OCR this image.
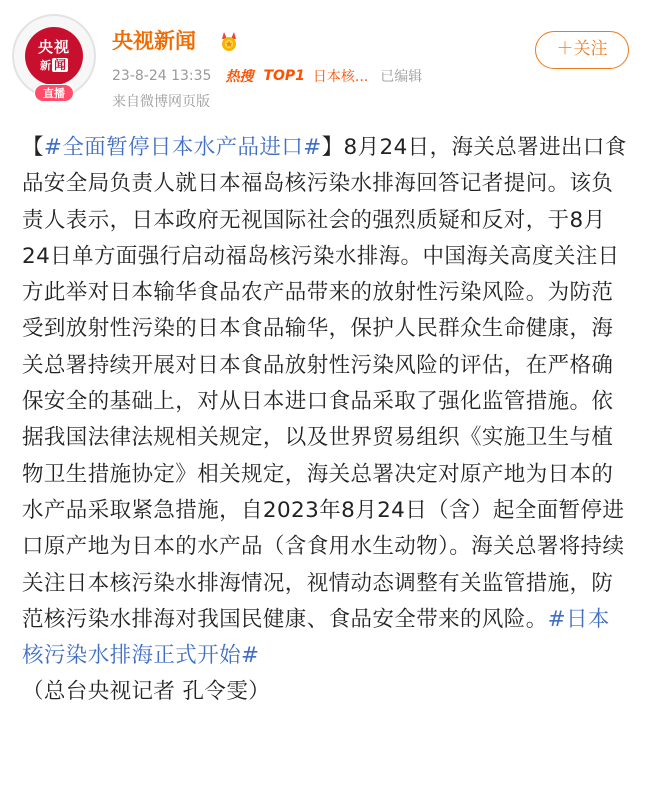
央视
新 闻
直播
央视新闻
23-8-24 13:35 热搜 TOP1 日本核... 已编辑
来自微博网页版
＋关注

【#全面暂停日本水产品进口#】8月24日，海关总署进出口食品安全局负责人就日本福岛核污染水排海回答记者提问。该负责人表示，日本政府无视国际社会的强烈质疑和反对，于8月24日单方面强行启动福岛核污染水排海。中国海关高度关注日方此举对日本输华食品农产品带来的放射性污染风险。为防范受到放射性污染的日本食品输华，保护人民群众生命健康，海关总署持续开展对日本食品放射性污染风险的评估，在严格确保安全的基础上，对从日本进口食品采取了强化监管措施。依据我国法律法规相关规定，以及世界贸易组织《实施卫生与植物卫生措施协定》相关规定，海关总署决定对原产地为日本的水产品采取紧急措施，自2023年8月24日（含）起全面暂停进口原产地为日本的水产品（含食用水生动物）。海关总署将持续关注日本核污染水排海情况，视情动态调整有关监管措施，防范核污染水排海对我国民健康、食品安全带来的风险。#日本核污染水排海正式开始#

（总台央视记者 孔令雯）
